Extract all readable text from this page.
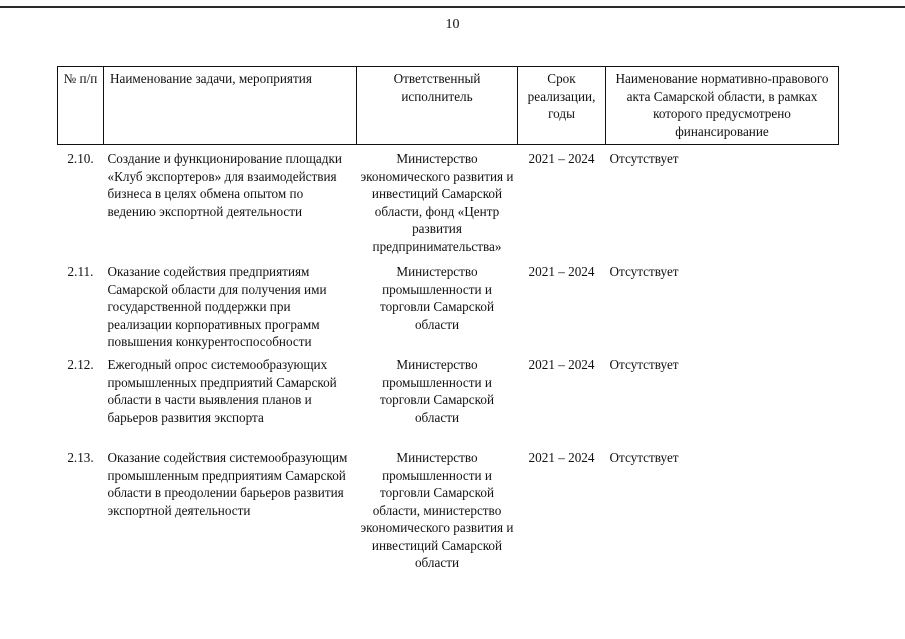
10
№ п/п	Наименование задачи, мероприятия	Ответственный исполнитель	Срок реализации, годы	Наименование нормативно-правового акта Самарской области, в рамках которого предусмотрено финансирование
2.10.	Создание и функционирование площадки «Клуб экспортеров» для взаимодействия бизнеса в целях обмена опытом по ведению экспортной деятельности	Министерство экономического развития и инвестиций Самарской области, фонд «Центр развития предпринимательства»	2021 – 2024	Отсутствует
2.11.	Оказание содействия предприятиям Самарской области для получения ими государственной поддержки при реализации корпоративных программ повышения конкурентоспособности	Министерство промышленности и торговли Самарской области	2021 – 2024	Отсутствует
2.12.	Ежегодный опрос системообразующих промышленных предприятий Самарской области в части выявления планов и барьеров развития экспорта	Министерство промышленности и торговли Самарской области	2021 – 2024	Отсутствует
2.13.	Оказание содействия системообразующим промышленным предприятиям Самарской области в преодолении барьеров развития экспортной деятельности	Министерство промышленности и торговли Самарской области, министерство экономического развития и инвестиций Самарской области	2021 – 2024	Отсутствует
